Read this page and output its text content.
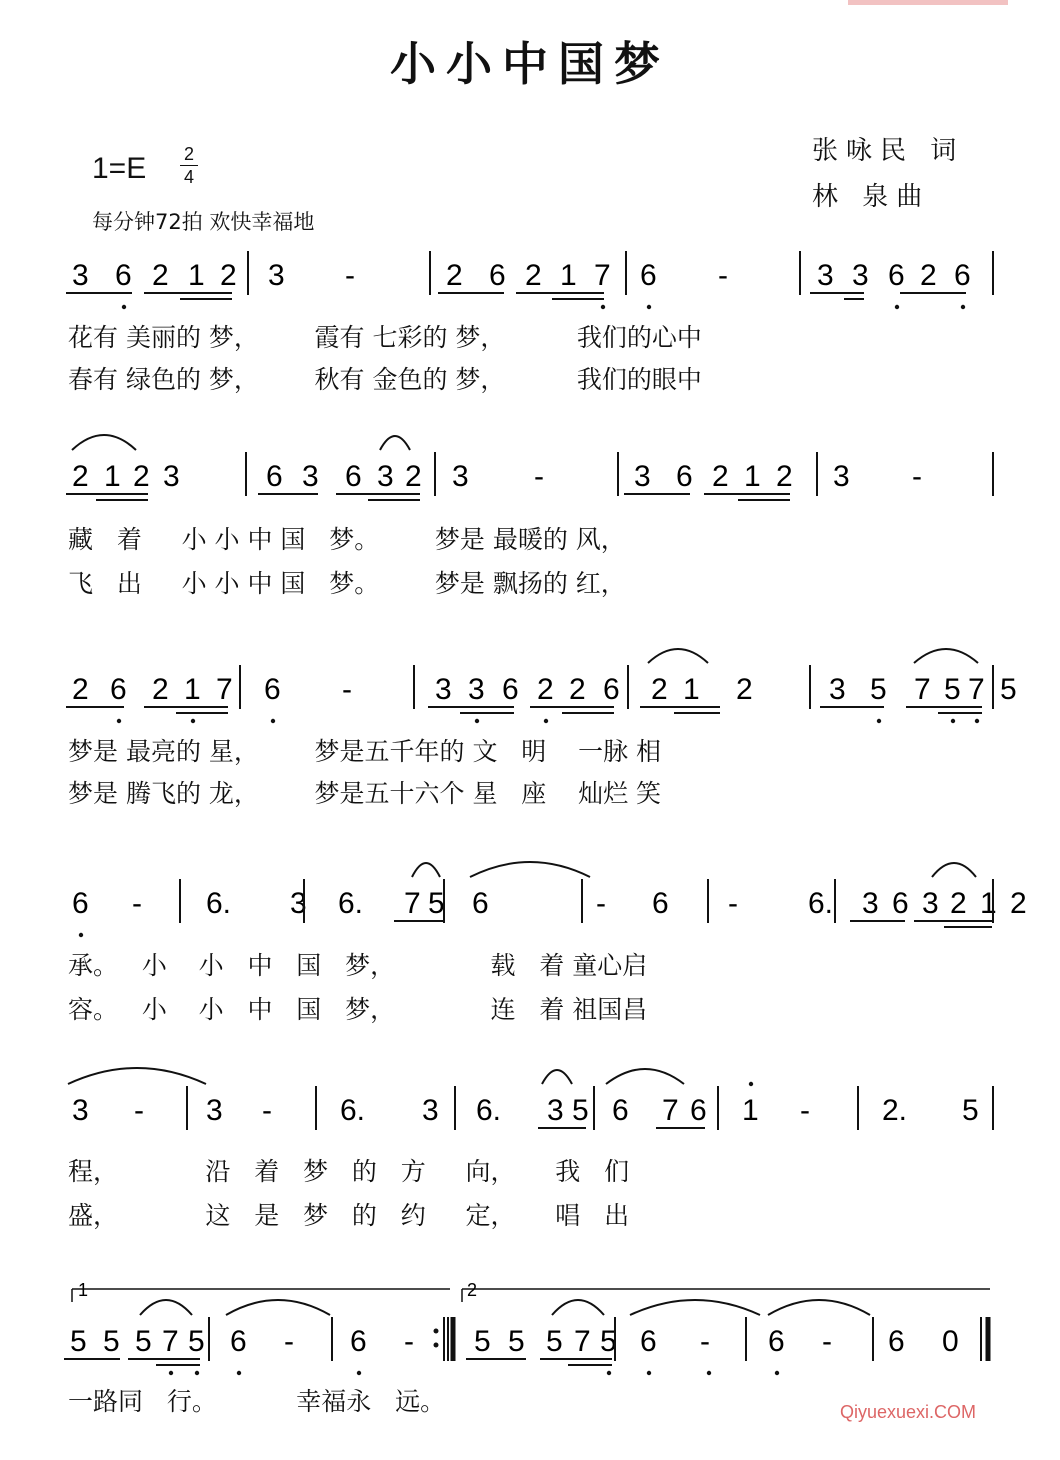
小小中国梦
1=E 2
4
每分钟72拍 欢快幸福地
张咏民 词
林 泉曲
3 6 2 1 2 3 -	2 6 2 1 7 6 -	3 3 6 2 6
2 1 2 3	6 3 6 3 2 3 -	3 6 2 1 2 3 -
2 6 2 1 7 6 -	3 3 6 2 2 6 2 1 2	3 5 7 5 7 5
6 - 6. 3 6. 7 5 6	- 6 - 6. 3 6 3 2 1 2
3 - 3 - 6. 3 6. 3 5 6 7 6 1 - 2. 5
5 5 5 7 5 6 - 6 - 5 5 5 7 5 6 - 6 - 6 0
1	2
花有 美丽的 梦，       霞有 七彩的 梦，         我们的心中
春有 绿色的 梦，       秋有 金色的 梦，         我们的眼中
藏   着     小 小 中 国   梦。       梦是 最暖的 风，
飞   出     小 小 中 国   梦。       梦是 飘扬的 红，
梦是 最亮的 星，       梦是五千年的 文   明    一脉 相
梦是 腾飞的 龙，       梦是五十六个 星   座    灿烂 笑
承。   小    小   中   国   梦，            载   着 童心启
容。   小    小   中   国   梦，            连   着 祖国昌
程，           沿   着   梦   的   方     向，     我   们
盛，           这   是   梦   的   约     定，     唱   出
一路同   行。          幸福永   远。	Qiyuexuexi.COM
